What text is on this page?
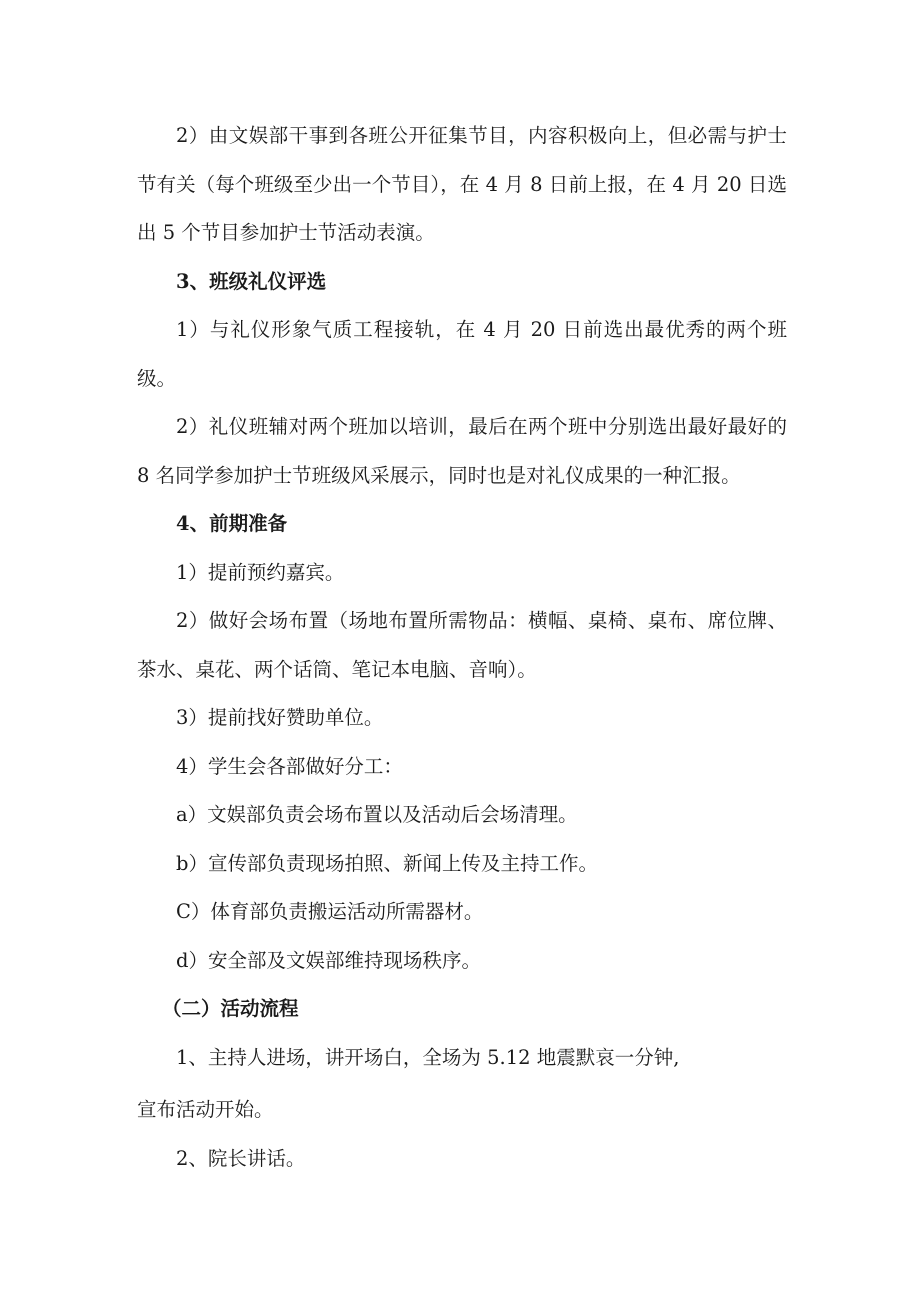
2）由文娱部干事到各班公开征集节目，内容积极向上，但必需与护士节有关（每个班级至少出一个节目），在 4 月 8 日前上报，在 4 月 20 日选出 5 个节目参加护士节活动表演。

3、班级礼仪评选

1）与礼仪形象气质工程接轨，在 4 月 20 日前选出最优秀的两个班级。

2）礼仪班辅对两个班加以培训，最后在两个班中分别选出最好最好的 8 名同学参加护士节班级风采展示，同时也是对礼仪成果的一种汇报。

4、前期准备

1）提前预约嘉宾。

2）做好会场布置（场地布置所需物品：横幅、桌椅、桌布、席位牌、茶水、桌花、两个话筒、笔记本电脑、音响）。

3）提前找好赞助单位。

4）学生会各部做好分工：

a）文娱部负责会场布置以及活动后会场清理。

b）宣传部负责现场拍照、新闻上传及主持工作。

C）体育部负责搬运活动所需器材。

d）安全部及文娱部维持现场秩序。

（二）活动流程

1、主持人进场，讲开场白，全场为 5.12 地震默哀一分钟,

宣布活动开始。

2、院长讲话。
